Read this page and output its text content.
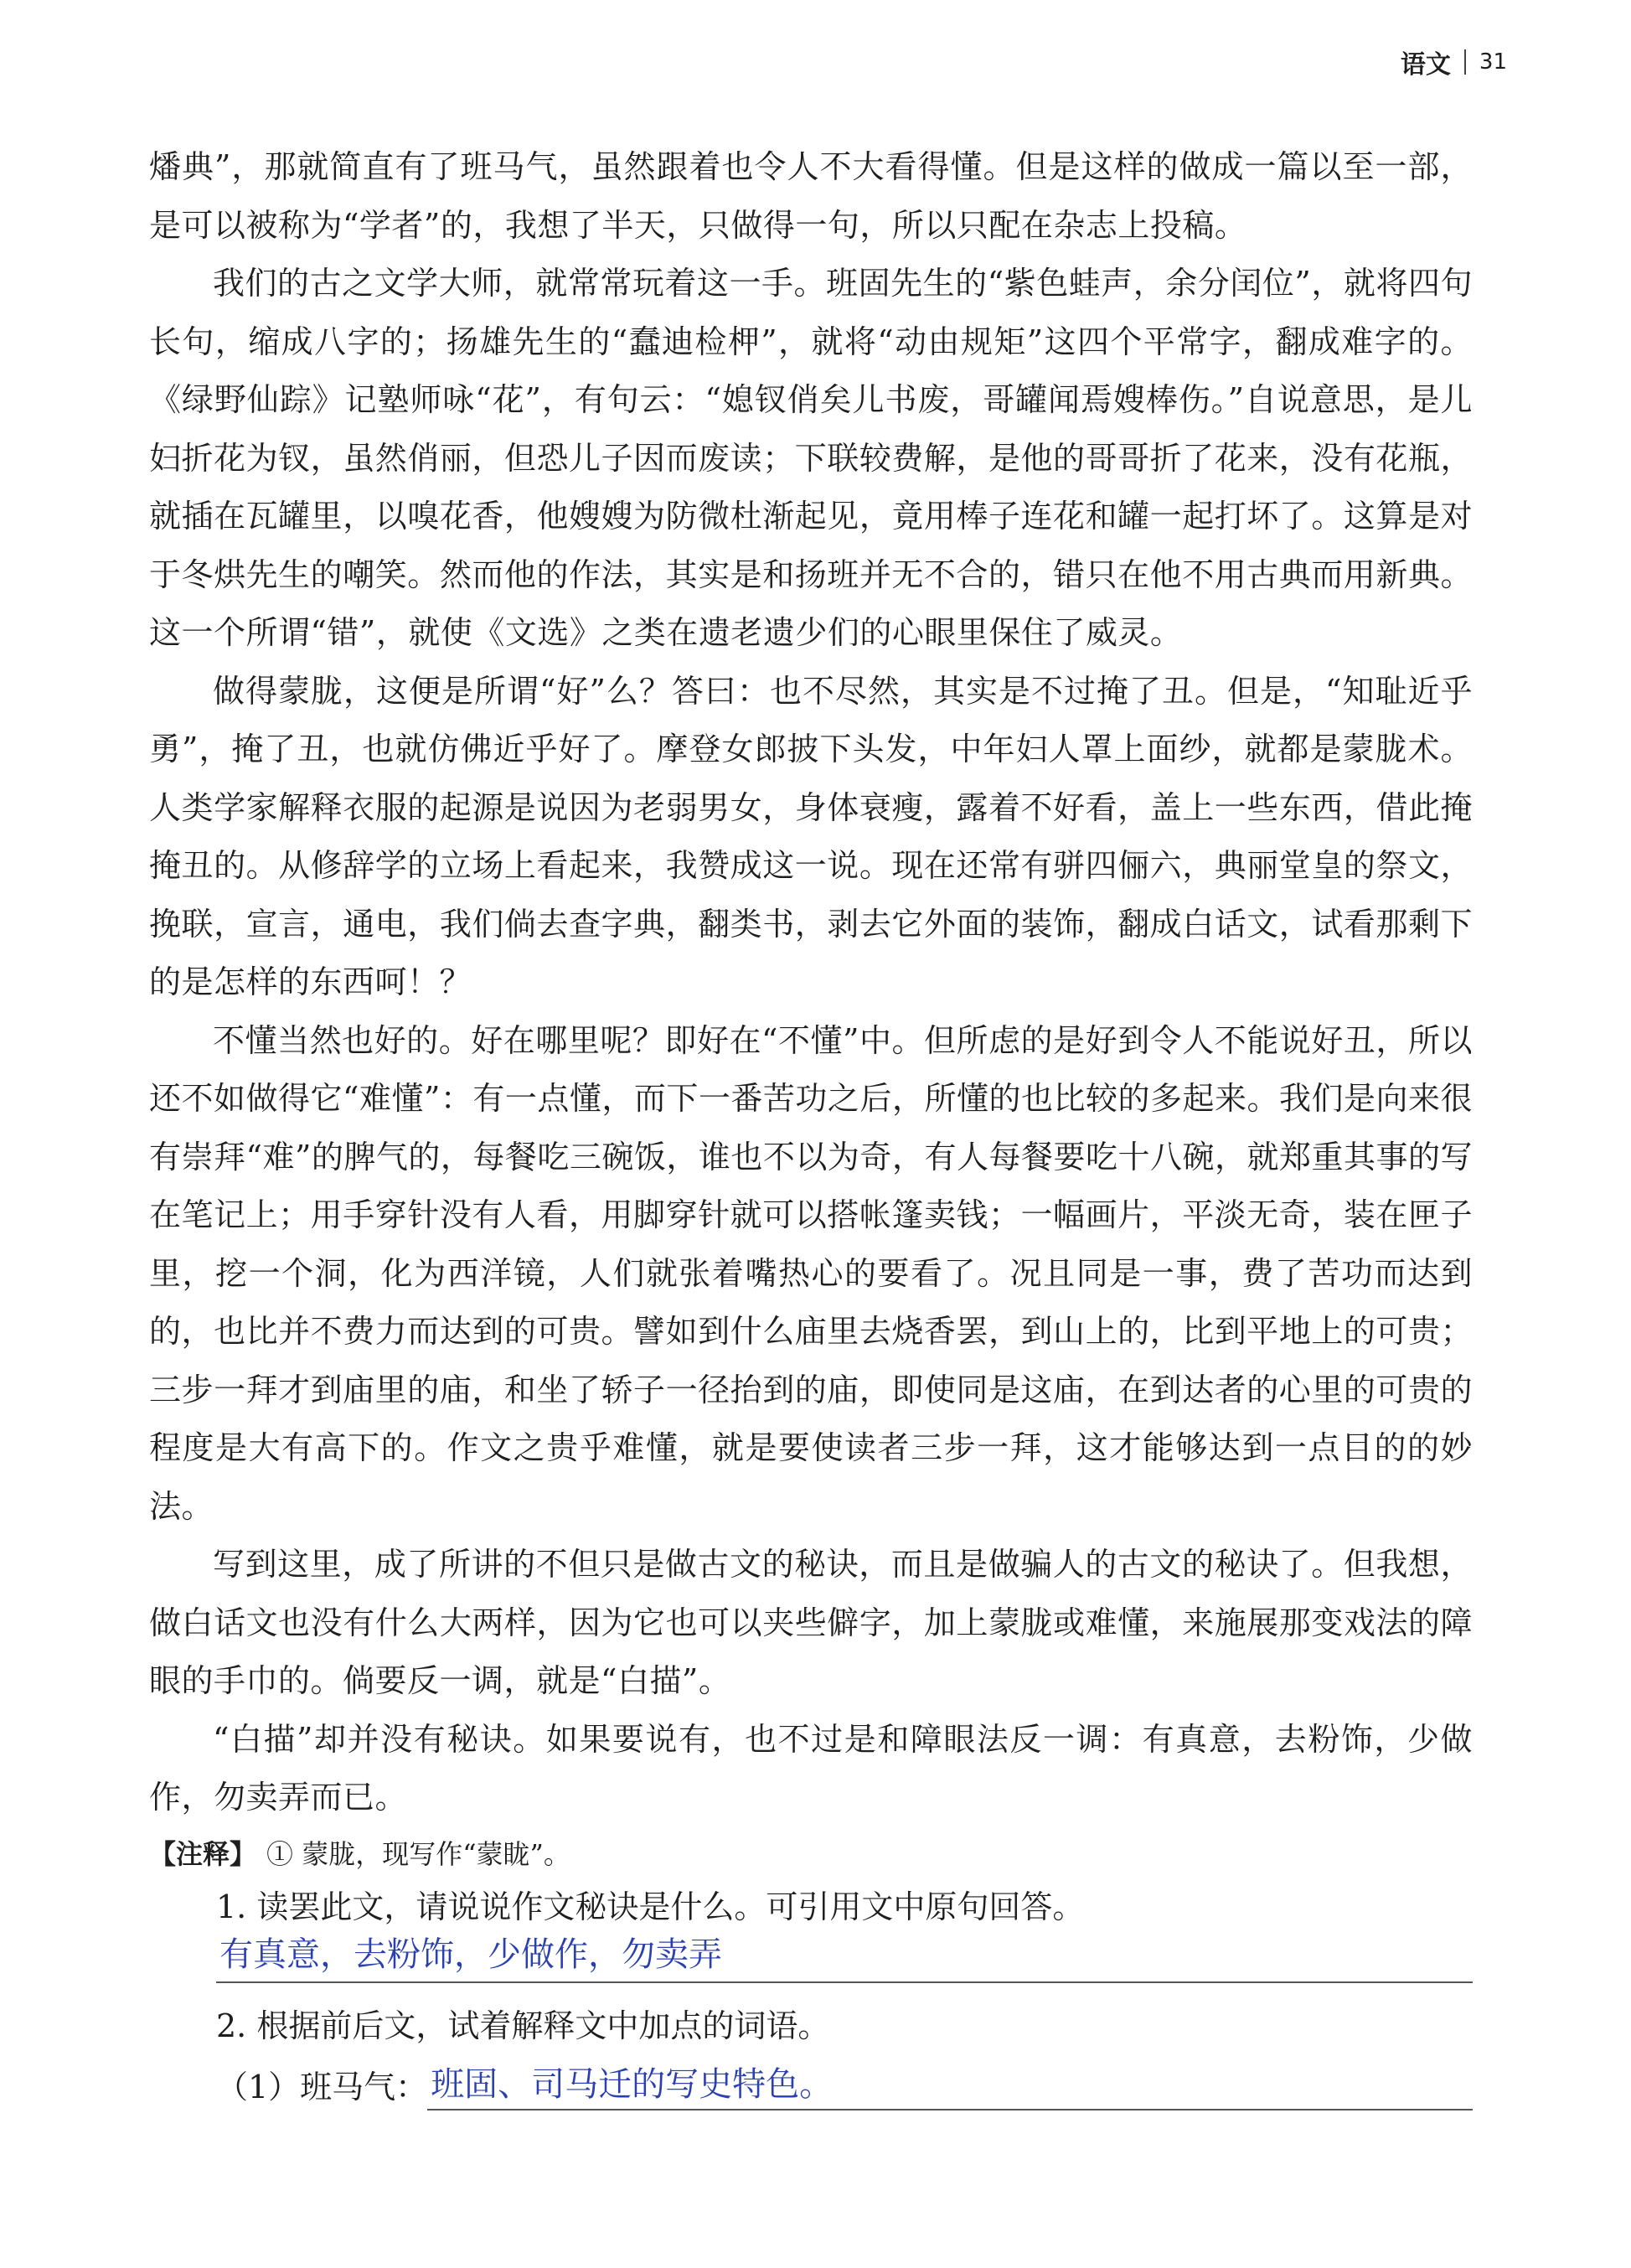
语文 31

燔典”，那就简直有了班马气，虽然跟着也令人不大看得懂。但是这样的做成一篇以至一部，是可以被称为“学者”的，我想了半天，只做得一句，所以只配在杂志上投稿。

我们的古之文学大师，就常常玩着这一手。班固先生的“紫色蛙声，余分闰位”，就将四句长句，缩成八字的；扬雄先生的“蠢迪检柙”，就将“动由规矩”这四个平常字，翻成难字的。《绿野仙踪》记塾师咏“花”，有句云：“媳钗俏矣儿书废，哥罐闻焉嫂棒伤。”自说意思，是儿妇折花为钗，虽然俏丽，但恐儿子因而废读；下联较费解，是他的哥哥折了花来，没有花瓶，就插在瓦罐里，以嗅花香，他嫂嫂为防微杜渐起见，竟用棒子连花和罐一起打坏了。这算是对于冬烘先生的嘲笑。然而他的作法，其实是和扬班并无不合的，错只在他不用古典而用新典。这一个所谓“错”，就使《文选》之类在遗老遗少们的心眼里保住了威灵。

做得蒙胧，这便是所谓“好”么？答曰：也不尽然，其实是不过掩了丑。但是，“知耻近乎勇”，掩了丑，也就仿佛近乎好了。摩登女郎披下头发，中年妇人罩上面纱，就都是蒙胧术。人类学家解释衣服的起源是说因为老弱男女，身体衰瘦，露着不好看，盖上一些东西，借此掩掩丑的。从修辞学的立场上看起来，我赞成这一说。现在还常有骈四俪六，典丽堂皇的祭文，挽联，宣言，通电，我们倘去查字典，翻类书，剥去它外面的装饰，翻成白话文，试看那剩下的是怎样的东西呵！？

不懂当然也好的。好在哪里呢？即好在“不懂”中。但所虑的是好到令人不能说好丑，所以还不如做得它“难懂”：有一点懂，而下一番苦功之后，所懂的也比较的多起来。我们是向来很有崇拜“难”的脾气的，每餐吃三碗饭，谁也不以为奇，有人每餐要吃十八碗，就郑重其事的写在笔记上；用手穿针没有人看，用脚穿针就可以搭帐篷卖钱；一幅画片，平淡无奇，装在匣子里，挖一个洞，化为西洋镜，人们就张着嘴热心的要看了。况且同是一事，费了苦功而达到的，也比并不费力而达到的可贵。譬如到什么庙里去烧香罢，到山上的，比到平地上的可贵；三步一拜才到庙里的庙，和坐了轿子一径抬到的庙，即使同是这庙，在到达者的心里的可贵的程度是大有高下的。作文之贵乎难懂，就是要使读者三步一拜，这才能够达到一点目的的妙法。

写到这里，成了所讲的不但只是做古文的秘诀，而且是做骗人的古文的秘诀了。但我想，做白话文也没有什么大两样，因为它也可以夹些僻字，加上蒙胧或难懂，来施展那变戏法的障眼的手巾的。倘要反一调，就是“白描”。

“白描”却并没有秘诀。如果要说有，也不过是和障眼法反一调：有真意，去粉饰，少做作，勿卖弄而已。

【注释】 ① 蒙胧，现写作“蒙眬”。
1. 读罢此文，请说说作文秘诀是什么。可引用文中原句回答。
有真意，去粉饰，少做作，勿卖弄
2. 根据前后文，试着解释文中加点的词语。
（1）班马气： 班固、司马迁的写史特色。
